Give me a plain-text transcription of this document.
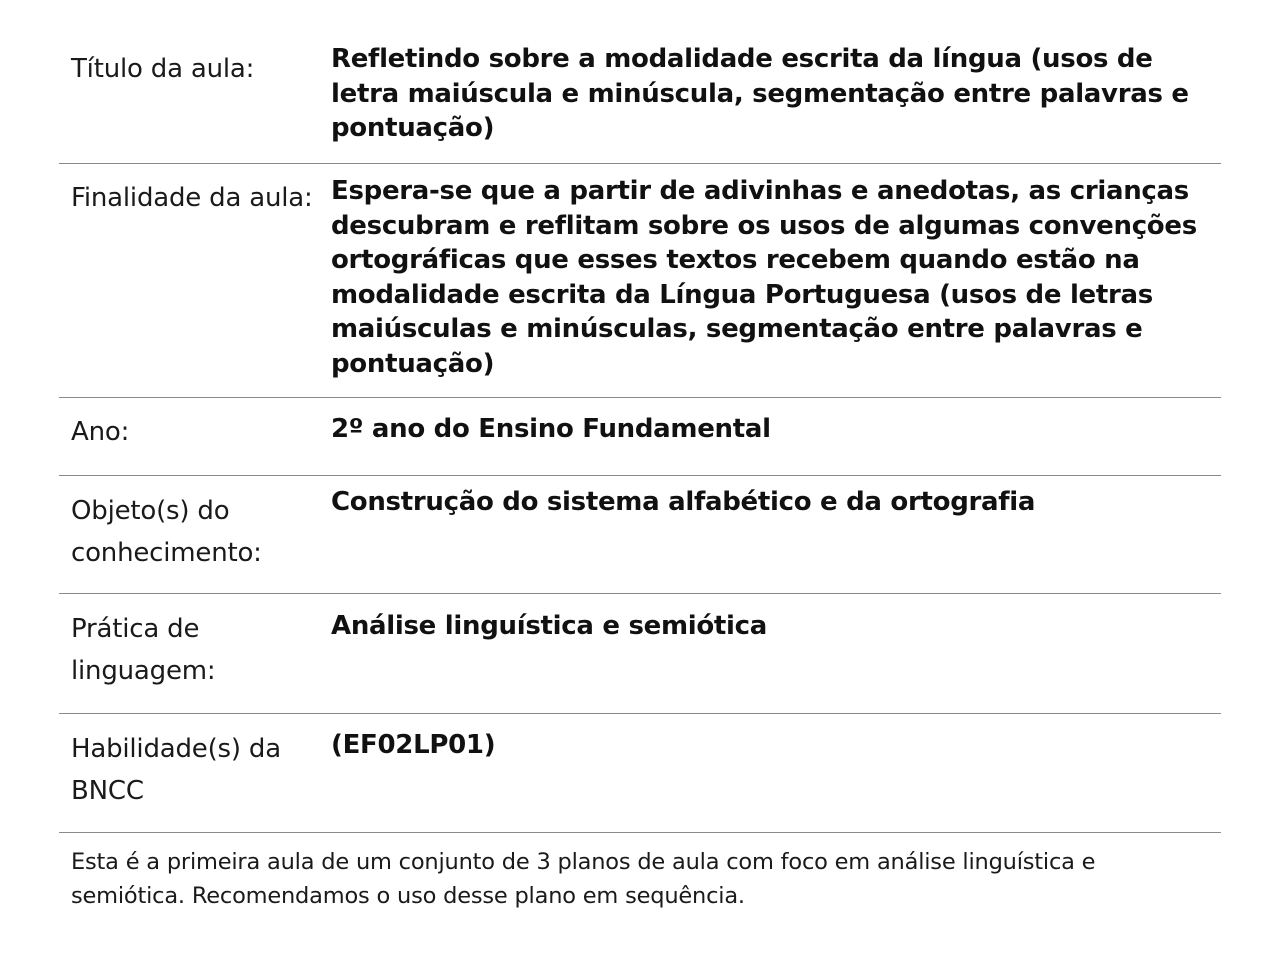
Título da aula:	Refletindo sobre a modalidade escrita da língua (usos de letra maiúscula e minúscula, segmentação entre palavras e pontuação)
Finalidade da aula: Espera-se que a partir de adivinhas e anedotas, as crianças descubram e reflitam sobre os usos de algumas convenções ortográficas que esses textos recebem quando estão na modalidade escrita da Língua Portuguesa (usos de letras maiúsculas e minúsculas, segmentação entre palavras e pontuação)
Ano:	2º ano do Ensino Fundamental
Objeto(s) do conhecimento:
Construção do sistema alfabético e da ortografia
Prática de linguagem:
Análise linguística e semiótica
Habilidade(s) da BNCC
(EF02LP01)
Esta é a primeira aula de um conjunto de 3 planos de aula com foco em análise linguística e semiótica. Recomendamos o uso desse plano em sequência.
